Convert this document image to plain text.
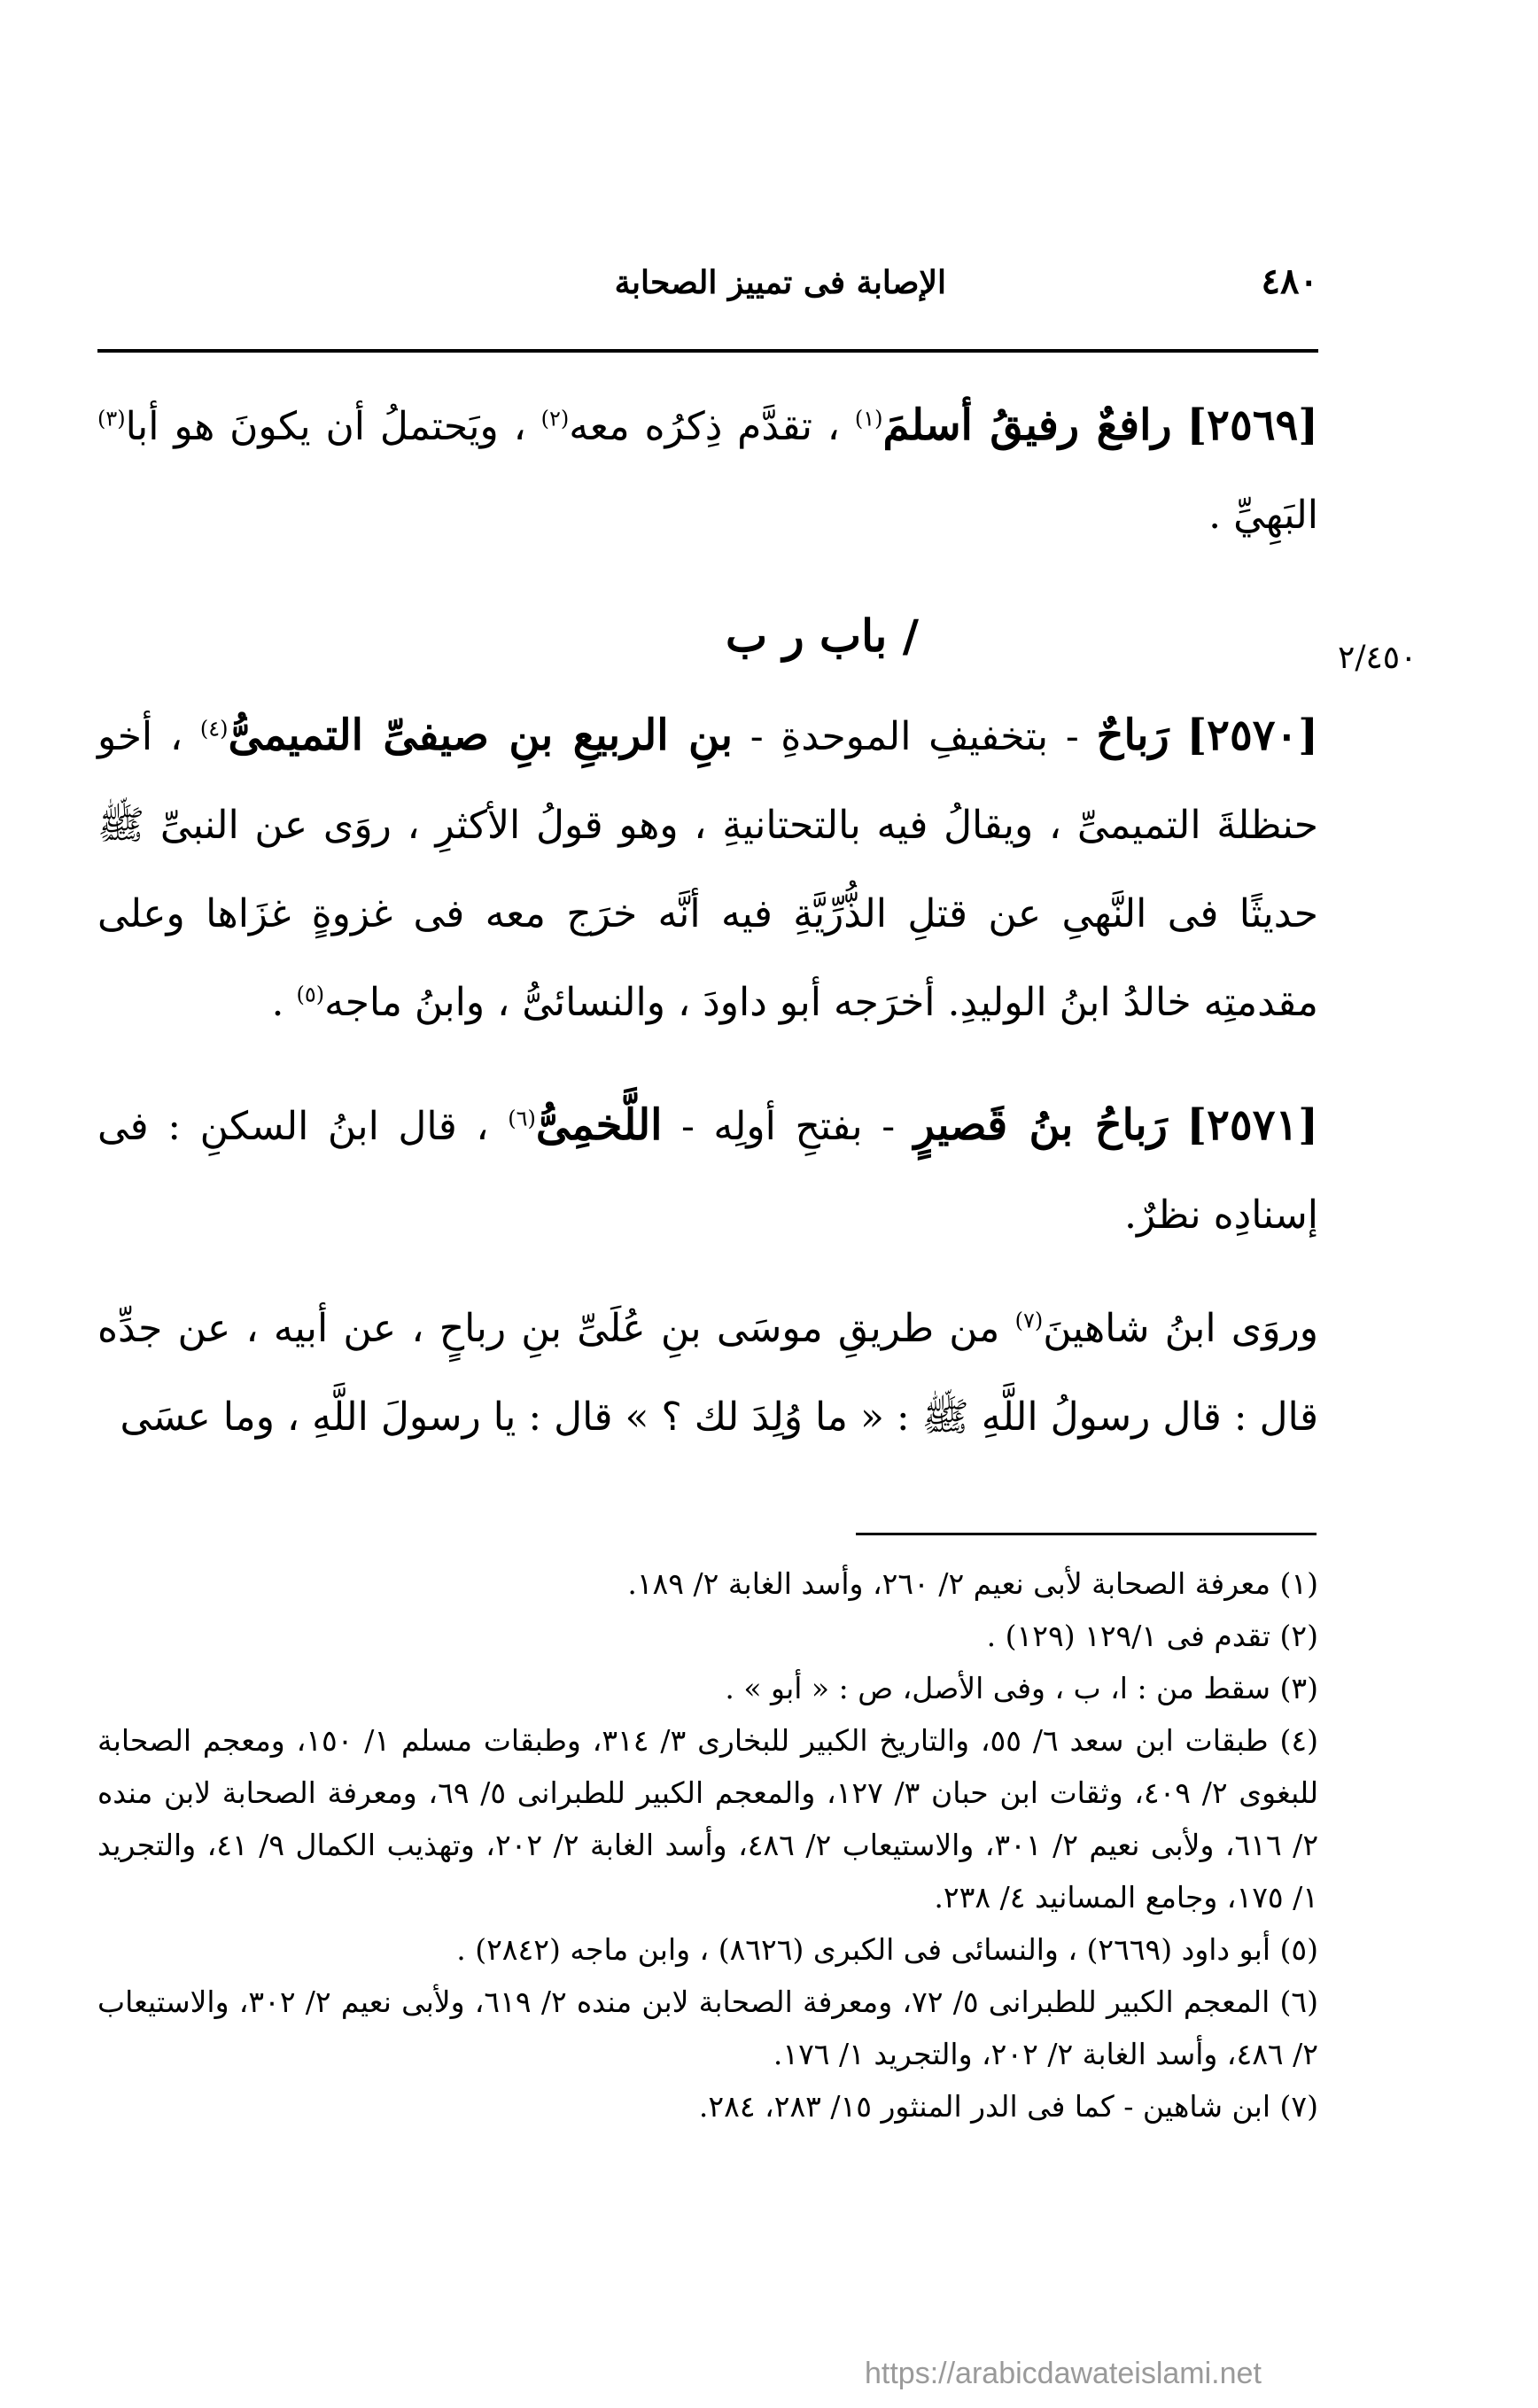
الإصابة فى تمييز الصحابة	٤٨٠
[٢٥٦٩] رافعٌ رفيقُ أسلمَ$^{(١)}$ ، تقدَّم ذِكرُه معه$^{(٢)}$ ، ويَحتملُ أن يكونَ هو أبا$^{(٣)}$ البَهِيِّ .
/ باب ر ب	٢/٤٥٠
[٢٥٧٠] رَباحٌ - بتخفيفِ الموحدةِ - بنِ الربيعِ بنِ صيفىِّ التميمىُّ$^{(٤)}$ ، أخو حنظلةَ التميمىِّ ، ويقالُ فيه بالتحتانيةِ ، وهو قولُ الأكثرِ ، روَى عن النبىِّ ﷺ حديثًا فى النَّهىِ عن قتلِ الذُّرِّيَّةِ فيه أنَّه خرَج معه فى غزوةٍ غزَاها وعلى مقدمتِه خالدُ ابنُ الوليدِ. أخرَجه أبو داودَ ، والنسائىُّ ، وابنُ ماجه$^{(٥)}$ .
[٢٥٧١] رَباحُ بنُ قَصيرٍ - بفتحِ أولِه - اللَّخمِىُّ$^{(٦)}$ ، قال ابنُ السكنِ : فى إسنادِه نظرٌ.
وروَى ابنُ شاهينَ$^{(٧)}$ من طريقِ موسَى بنِ عُلَىِّ بنِ رباحٍ ، عن أبيه ، عن جدِّه قال : قال رسولُ اللَّهِ ﷺ : « ما وُلِدَ لك ؟ » قال : يا رسولَ اللَّهِ ، وما عسَى

(١) معرفة الصحابة لأبى نعيم ٢/ ٢٦٠، وأسد الغابة ٢/ ١٨٩.

(٢) تقدم فى ١٢٩/١ (١٢٩) .

(٣) سقط من : ا، ب ، وفى الأصل، ص : « أبو » .

(٤) طبقات ابن سعد ٦/ ٥٥، والتاريخ الكبير للبخارى ٣/ ٣١٤، وطبقات مسلم ١/ ١٥٠، ومعجم الصحابة للبغوى ٢/ ٤٠٩، وثقات ابن حبان ٣/ ١٢٧، والمعجم الكبير للطبرانى ٥/ ٦٩، ومعرفة الصحابة لابن منده ٢/ ٦١٦، ولأبى نعيم ٢/ ٣٠١، والاستيعاب ٢/ ٤٨٦، وأسد الغابة ٢/ ٢٠٢، وتهذيب الكمال ٩/ ٤١، والتجريد ١/ ١٧٥، وجامع المسانيد ٤/ ٢٣٨.

(٥) أبو داود (٢٦٦٩) ، والنسائى فى الكبرى (٨٦٢٦) ، وابن ماجه (٢٨٤٢) .

(٦) المعجم الكبير للطبرانى ٥/ ٧٢، ومعرفة الصحابة لابن منده ٢/ ٦١٩، ولأبى نعيم ٢/ ٣٠٢، والاستيعاب ٢/ ٤٨٦، وأسد الغابة ٢/ ٢٠٢، والتجريد ١/ ١٧٦.

(٧) ابن شاهين - كما فى الدر المنثور ١٥/ ٢٨٣، ٢٨٤.

https://arabicdawateislami.net
